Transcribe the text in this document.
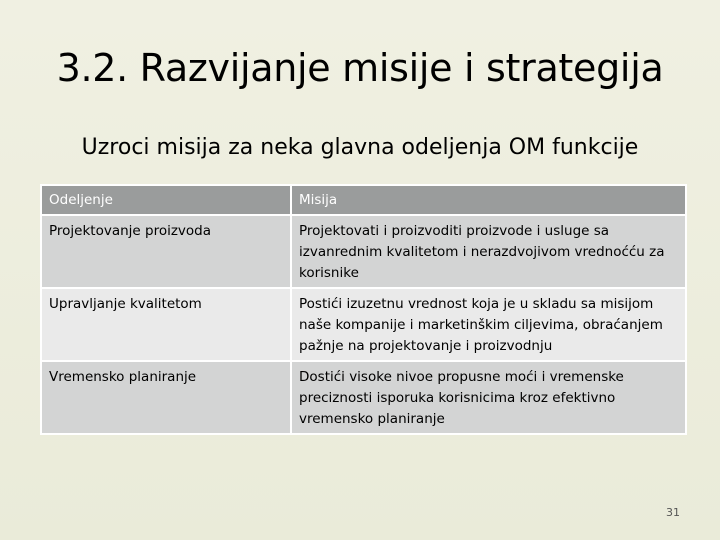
3.2. Razvijanje misije i strategija
Uzroci misija za neka glavna odeljenja OM funkcije
Odeljenje	Misija
Projektovanje proizvoda	Projektovati i proizvoditi proizvode i usluge sa izvanrednim kvalitetom i nerazdvojivom vrednoćću za korisnike
Upravljanje kvalitetom	Postići izuzetnu vrednost koja je u skladu sa misijom naše kompanije i marketinškim ciljevima, obraćanjem pažnje na projektovanje i proizvodnju
Vremensko planiranje	Dostići visoke nivoe propusne moći i vremenske preciznosti isporuka korisnicima kroz efektivno vremensko planiranje
31
